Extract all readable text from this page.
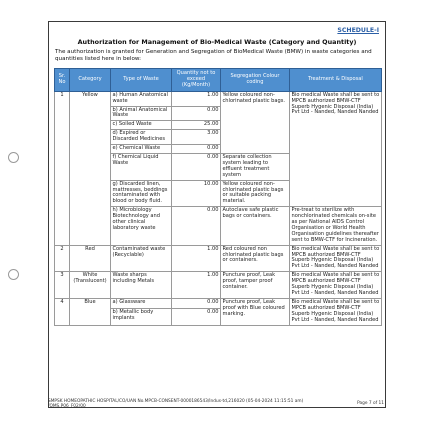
SCHEDULE-I
Authorization for Management of Bio-Medical Waste (Category and Quantity)
The authorization is granted for Generation and Segregation of BioMedical Waste (BMW) in waste categories and quantities listed here in below:
Sr. No	Category	Type of Waste	Quantity not to exceed (Kg/Month)	Segregation Colour coding	Treatment & Disposal
1	Yellow	a) Human Anatomical waste	1.00	Yellow coloured non- chlorinated plastic bags.	Bio medical Waste shall be sent to MPCB authorized BMW-CTF Superb Hygenic Disposal (India) Pvt Ltd - Nanded, Nanded Nanded
		b) Animal Anatomical Waste	0.00		
		c) Soiled Waste	25.00		
		d) Expired or Discarded Medicines	3.00		
		e) Chemical Waste	0.00		
		f) Chemical Liquid Waste	0.00	Separate collection system leading to effluent treatment system	
		g) Discarded linen, mattresses, beddings contaminated with blood or body fluid.	10.00	Yellow coloured non- chlorinated plastic bags or suitable packing material.	
		h) Microbiology Biotechnology and other clinical laboratory waste	0.00	Autoclave safe plastic bags or containers.	Pre-treat to sterilize with nonchlorinated chemicals on-site as per National AIDS Control Organisation or World Health Organisation guidelines thereafter sent to BMW-CTF for Incineration.
2	Red	Contaminated waste (Recyclable)	1.00	Red coloured non chlorinated plastic bags or containers.	Bio medical Waste shall be sent to MPCB authorized BMW-CTF Superb Hygenic Disposal (India) Pvt Ltd - Nanded, Nanded Nanded
3	White (Translucent)	Waste sharps including Metals	1.00	Puncture proof, Leak proof, tamper proof container.	Bio medical Waste shall be sent to MPCB authorized BMW-CTF Superb Hygenic Disposal (India) Pvt Ltd - Nanded, Nanded Nanded
4	Blue	a) Glassware	0.00	Puncture proof, Leak proof with Blue coloured marking.	Bio medical Waste shall be sent to MPCB authorized BMW-CTF Superb Hygenic Disposal (India) Pvt Ltd - Nanded, Nanded Nanded
		b) Metallic body implants	0.00		
SMPSK HOMEOPATHIC HOSPITAL/CO/UAN No.MPCB-CONSENT-0000186543/Indus-td,216020 (05-04-2024 11:15:51 am) /QMS.P06_F02/00
Page 7 of 11
